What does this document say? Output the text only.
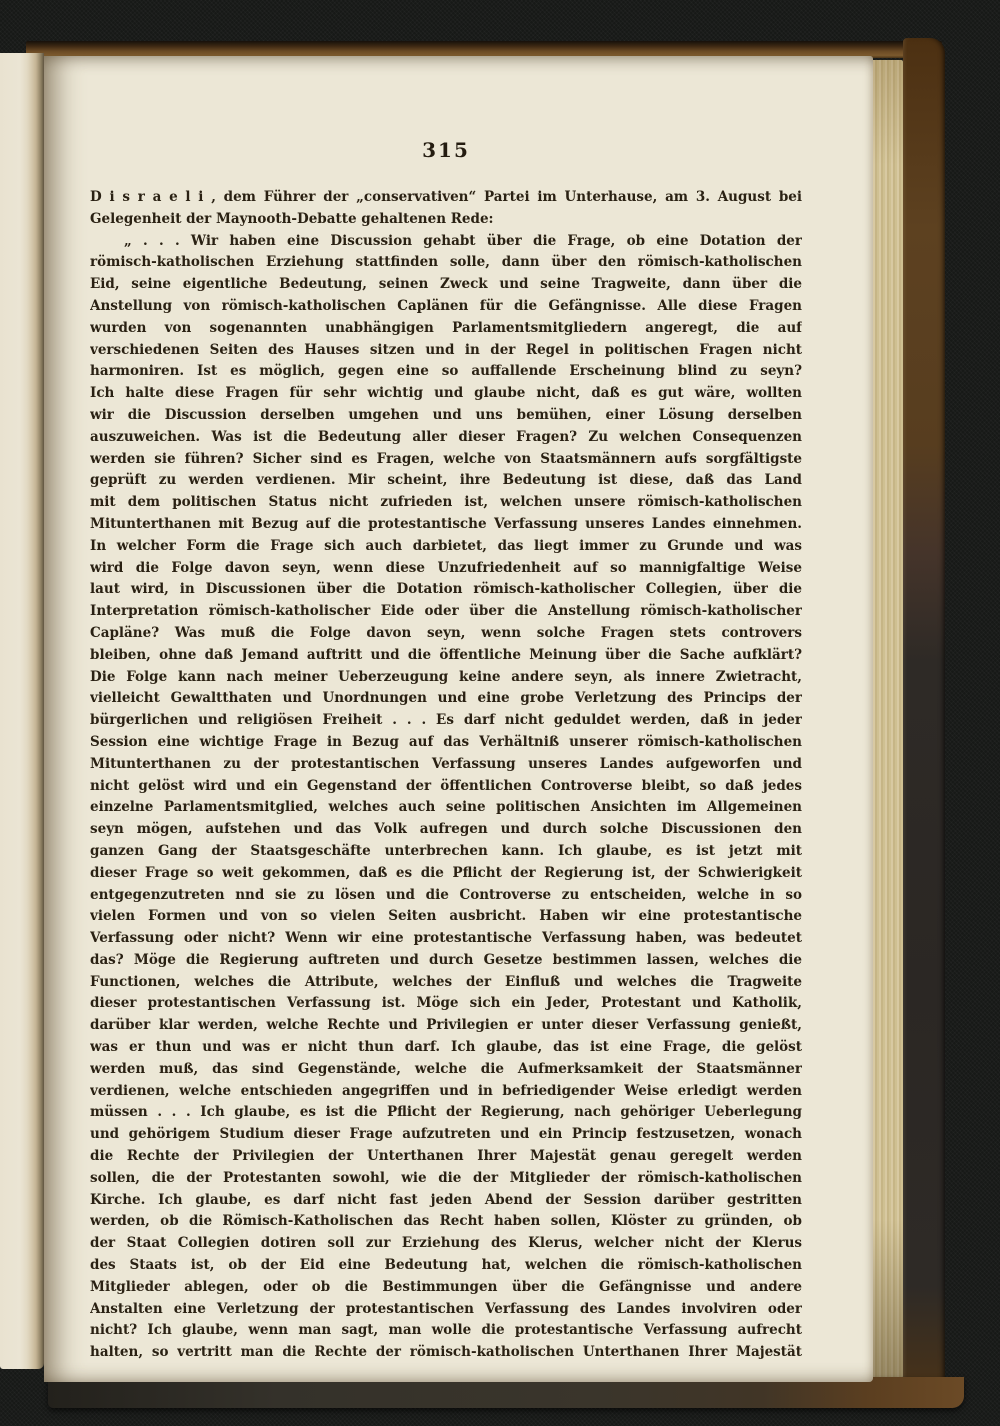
315
D i s r a e l i , dem Führer der „conservativen“ Partei im Unterhause, am 3. August bei
Gelegenheit der Maynooth-Debatte gehaltenen Rede:
„ . . . Wir haben eine Discussion gehabt über die Frage, ob eine Dotation der
römisch-katholischen Erziehung stattfinden solle, dann über den römisch-katholischen
Eid, seine eigentliche Bedeutung, seinen Zweck und seine Tragweite, dann über die
Anstellung von römisch-katholischen Caplänen für die Gefängnisse. Alle diese Fragen
wurden von sogenannten unabhängigen Parlamentsmitgliedern angeregt, die auf
verschiedenen Seiten des Hauses sitzen und in der Regel in politischen Fragen nicht
harmoniren. Ist es möglich, gegen eine so auffallende Erscheinung blind zu seyn?
Ich halte diese Fragen für sehr wichtig und glaube nicht, daß es gut wäre, wollten
wir die Discussion derselben umgehen und uns bemühen, einer Lösung derselben
auszuweichen. Was ist die Bedeutung aller dieser Fragen? Zu welchen Consequenzen
werden sie führen? Sicher sind es Fragen, welche von Staatsmännern aufs sorgfältigste
geprüft zu werden verdienen. Mir scheint, ihre Bedeutung ist diese, daß das Land
mit dem politischen Status nicht zufrieden ist, welchen unsere römisch-katholischen
Mitunterthanen mit Bezug auf die protestantische Verfassung unseres Landes einnehmen.
In welcher Form die Frage sich auch darbietet, das liegt immer zu Grunde und was
wird die Folge davon seyn, wenn diese Unzufriedenheit auf so mannigfaltige Weise
laut wird, in Discussionen über die Dotation römisch-katholischer Collegien, über die
Interpretation römisch-katholischer Eide oder über die Anstellung römisch-katholischer
Capläne? Was muß die Folge davon seyn, wenn solche Fragen stets controvers
bleiben, ohne daß Jemand auftritt und die öffentliche Meinung über die Sache aufklärt?
Die Folge kann nach meiner Ueberzeugung keine andere seyn, als innere Zwietracht,
vielleicht Gewaltthaten und Unordnungen und eine grobe Verletzung des Princips der
bürgerlichen und religiösen Freiheit . . . Es darf nicht geduldet werden, daß in jeder
Session eine wichtige Frage in Bezug auf das Verhältniß unserer römisch-katholischen
Mitunterthanen zu der protestantischen Verfassung unseres Landes aufgeworfen und
nicht gelöst wird und ein Gegenstand der öffentlichen Controverse bleibt, so daß jedes
einzelne Parlamentsmitglied, welches auch seine politischen Ansichten im Allgemeinen
seyn mögen, aufstehen und das Volk aufregen und durch solche Discussionen den
ganzen Gang der Staatsgeschäfte unterbrechen kann. Ich glaube, es ist jetzt mit
dieser Frage so weit gekommen, daß es die Pflicht der Regierung ist, der Schwierigkeit
entgegenzutreten nnd sie zu lösen und die Controverse zu entscheiden, welche in so
vielen Formen und von so vielen Seiten ausbricht. Haben wir eine protestantische
Verfassung oder nicht? Wenn wir eine protestantische Verfassung haben, was bedeutet
das? Möge die Regierung auftreten und durch Gesetze bestimmen lassen, welches die
Functionen, welches die Attribute, welches der Einfluß und welches die Tragweite
dieser protestantischen Verfassung ist. Möge sich ein Jeder, Protestant und Katholik,
darüber klar werden, welche Rechte und Privilegien er unter dieser Verfassung genießt,
was er thun und was er nicht thun darf. Ich glaube, das ist eine Frage, die gelöst
werden muß, das sind Gegenstände, welche die Aufmerksamkeit der Staatsmänner
verdienen, welche entschieden angegriffen und in befriedigender Weise erledigt werden
müssen . . . Ich glaube, es ist die Pflicht der Regierung, nach gehöriger Ueberlegung
und gehörigem Studium dieser Frage aufzutreten und ein Princip festzusetzen, wonach
die Rechte der Privilegien der Unterthanen Ihrer Majestät genau geregelt werden
sollen, die der Protestanten sowohl, wie die der Mitglieder der römisch-katholischen
Kirche. Ich glaube, es darf nicht fast jeden Abend der Session darüber gestritten
werden, ob die Römisch-Katholischen das Recht haben sollen, Klöster zu gründen, ob
der Staat Collegien dotiren soll zur Erziehung des Klerus, welcher nicht der Klerus
des Staats ist, ob der Eid eine Bedeutung hat, welchen die römisch-katholischen
Mitglieder ablegen, oder ob die Bestimmungen über die Gefängnisse und andere
Anstalten eine Verletzung der protestantischen Verfassung des Landes involviren oder
nicht? Ich glaube, wenn man sagt, man wolle die protestantische Verfassung aufrecht
halten, so vertritt man die Rechte der römisch-katholischen Unterthanen Ihrer Majestät
